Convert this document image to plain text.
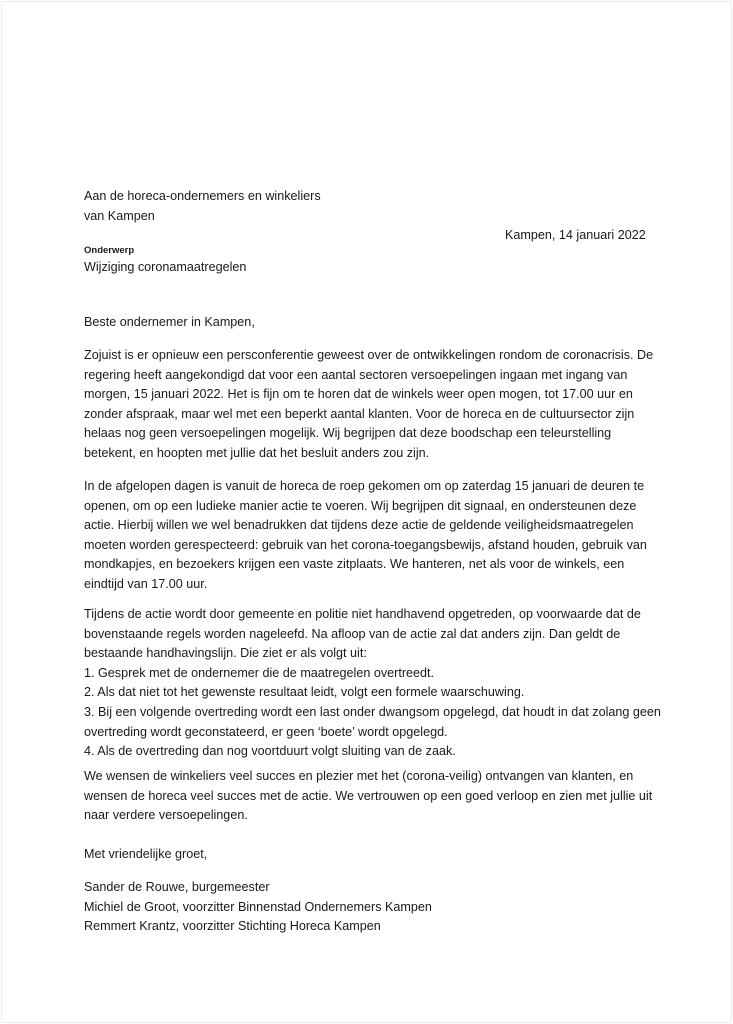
Aan de horeca-ondernemers en winkeliers
van Kampen
Kampen, 14 januari 2022
Onderwerp
Wijziging coronamaatregelen
Beste ondernemer in Kampen,
Zojuist is er opnieuw een persconferentie geweest over de ontwikkelingen rondom de coronacrisis. De
regering heeft aangekondigd dat voor een aantal sectoren versoepelingen ingaan met ingang van
morgen, 15 januari 2022. Het is fijn om te horen dat de winkels weer open mogen, tot 17.00 uur en
zonder afspraak, maar wel met een beperkt aantal klanten. Voor de horeca en de cultuursector zijn
helaas nog geen versoepelingen mogelijk. Wij begrijpen dat deze boodschap een teleurstelling
betekent, en hoopten met jullie dat het besluit anders zou zijn.
In de afgelopen dagen is vanuit de horeca de roep gekomen om op zaterdag 15 januari de deuren te
openen, om op een ludieke manier actie te voeren. Wij begrijpen dit signaal, en ondersteunen deze
actie. Hierbij willen we wel benadrukken dat tijdens deze actie de geldende veiligheidsmaatregelen
moeten worden gerespecteerd: gebruik van het corona-toegangsbewijs, afstand houden, gebruik van
mondkapjes, en bezoekers krijgen een vaste zitplaats. We hanteren, net als voor de winkels, een
eindtijd van 17.00 uur.
Tijdens de actie wordt door gemeente en politie niet handhavend opgetreden, op voorwaarde dat de
bovenstaande regels worden nageleefd. Na afloop van de actie zal dat anders zijn. Dan geldt de
bestaande handhavingslijn. Die ziet er als volgt uit:
1. Gesprek met de ondernemer die de maatregelen overtreedt.
2. Als dat niet tot het gewenste resultaat leidt, volgt een formele waarschuwing.
3. Bij een volgende overtreding wordt een last onder dwangsom opgelegd, dat houdt in dat zolang geen
overtreding wordt geconstateerd, er geen ‘boete’ wordt opgelegd.
4. Als de overtreding dan nog voortduurt volgt sluiting van de zaak.
We wensen de winkeliers veel succes en plezier met het (corona-veilig) ontvangen van klanten, en
wensen de horeca veel succes met de actie. We vertrouwen op een goed verloop en zien met jullie uit
naar verdere versoepelingen.
Met vriendelijke groet,
Sander de Rouwe, burgemeester
Michiel de Groot, voorzitter Binnenstad Ondernemers Kampen
Remmert Krantz, voorzitter Stichting Horeca Kampen
